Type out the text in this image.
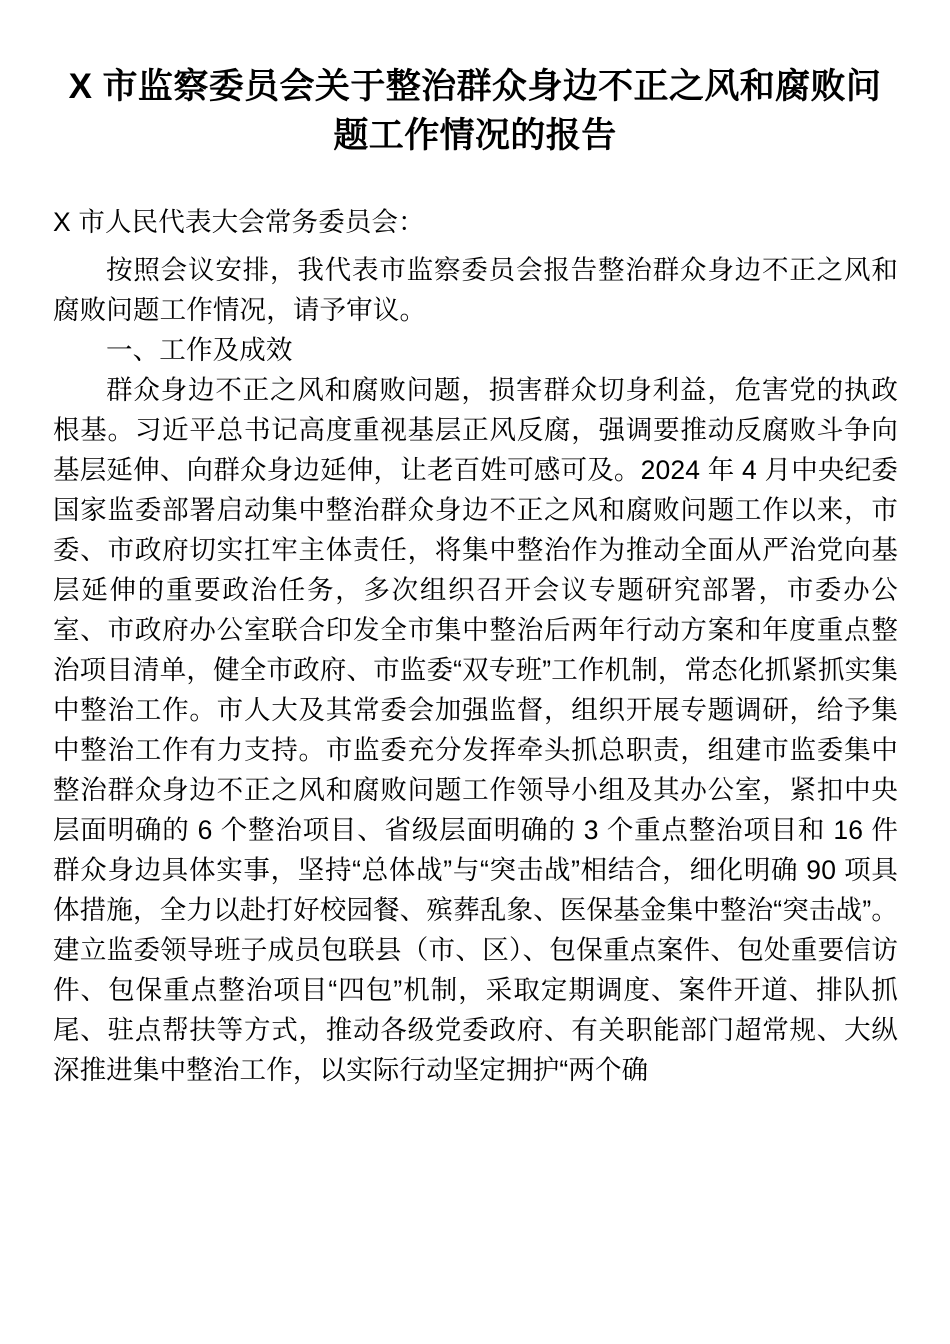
X 市监察委员会关于整治群众身边不正之风和腐败问题工作情况的报告

X 市人民代表大会常务委员会：

按照会议安排，我代表市监察委员会报告整治群众身边不正之风和腐败问题工作情况，请予审议。

一、工作及成效

群众身边不正之风和腐败问题，损害群众切身利益，危害党的执政根基。习近平总书记高度重视基层正风反腐，强调要推动反腐败斗争向基层延伸、向群众身边延伸，让老百姓可感可及。2024 年 4 月中央纪委国家监委部署启动集中整治群众身边不正之风和腐败问题工作以来，市委、市政府切实扛牢主体责任，将集中整治作为推动全面从严治党向基层延伸的重要政治任务，多次组织召开会议专题研究部署，市委办公室、市政府办公室联合印发全市集中整治后两年行动方案和年度重点整治项目清单，健全市政府、市监委“双专班”工作机制，常态化抓紧抓实集中整治工作。市人大及其常委会加强监督，组织开展专题调研，给予集中整治工作有力支持。市监委充分发挥牵头抓总职责，组建市监委集中整治群众身边不正之风和腐败问题工作领导小组及其办公室，紧扣中央层面明确的 6 个整治项目、省级层面明确的 3 个重点整治项目和 16 件群众身边具体实事，坚持“总体战”与“突击战”相结合，细化明确 90 项具体措施，全力以赴打好校园餐、殡葬乱象、医保基金集中整治“突击战”。建立监委领导班子成员包联县（市、区）、包保重点案件、包处重要信访件、包保重点整治项目“四包”机制，采取定期调度、案件开道、排队抓尾、驻点帮扶等方式，推动各级党委政府、有关职能部门超常规、大纵深推进集中整治工作，以实际行动坚定拥护“两个确
